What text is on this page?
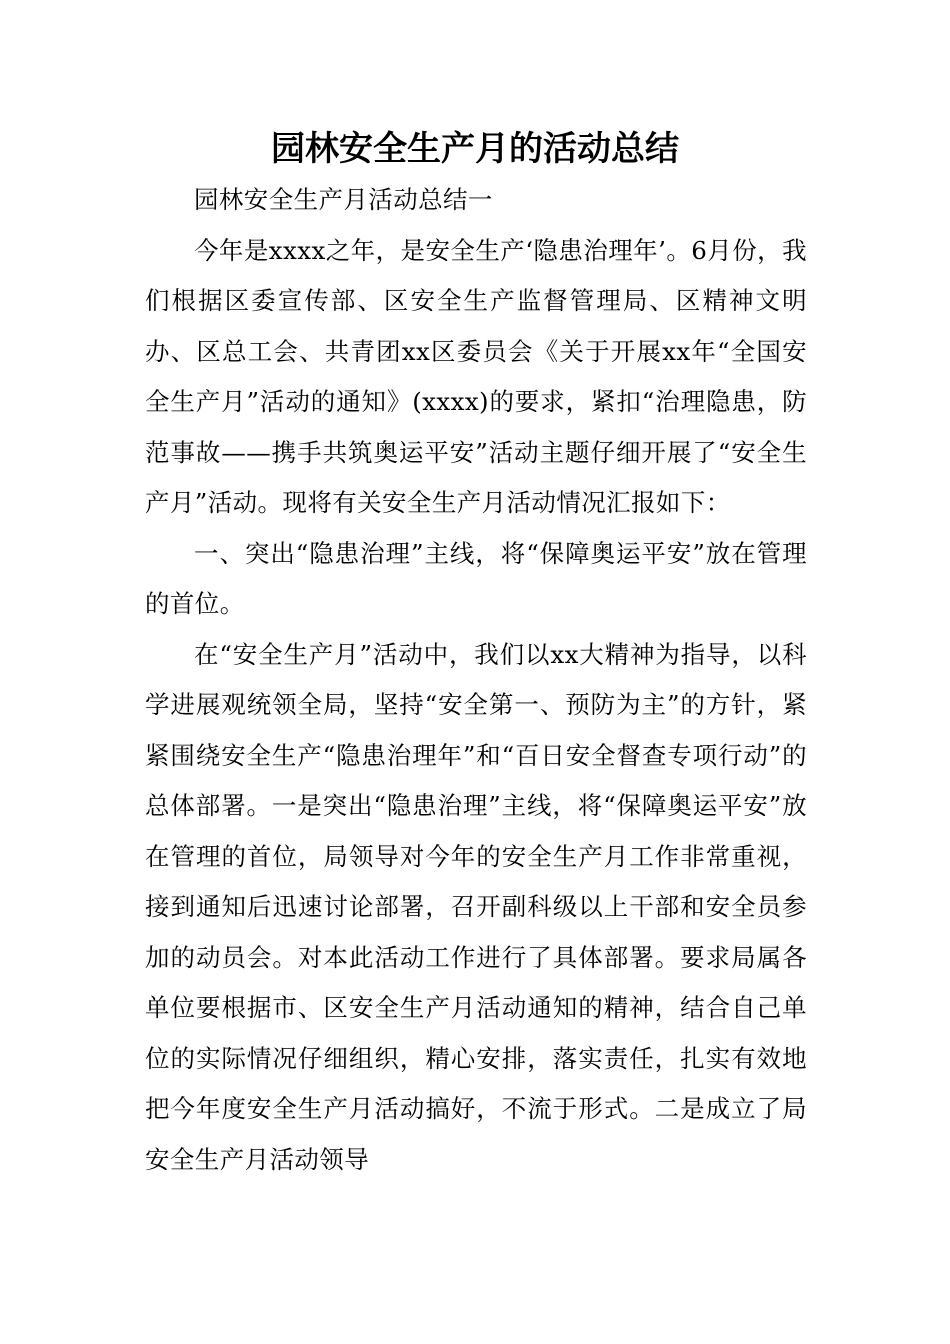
园林安全生产月的活动总结

园林安全生产月活动总结一

今年是xxxx之年，是安全生产‘隐患治理年’。6月份，我们根据区委宣传部、区安全生产监督管理局、区精神文明办、区总工会、共青团xx区委员会《关于开展xx年“全国安全生产月”活动的通知》(xxxx)的要求，紧扣“治理隐患，防范事故——携手共筑奥运平安”活动主题仔细开展了“安全生产月”活动。现将有关安全生产月活动情况汇报如下：

一、突出“隐患治理”主线，将“保障奥运平安”放在管理的首位。

在“安全生产月”活动中，我们以xx大精神为指导，以科学进展观统领全局，坚持“安全第一、预防为主”的方针，紧紧围绕安全生产“隐患治理年”和“百日安全督查专项行动”的总体部署。一是突出“隐患治理”主线，将“保障奥运平安”放在管理的首位，局领导对今年的安全生产月工作非常重视，接到通知后迅速讨论部署，召开副科级以上干部和安全员参加的动员会。对本此活动工作进行了具体部署。要求局属各单位要根据市、区安全生产月活动通知的精神，结合自己单位的实际情况仔细组织，精心安排，落实责任，扎实有效地把今年度安全生产月活动搞好，不流于形式。二是成立了局安全生产月活动领导
